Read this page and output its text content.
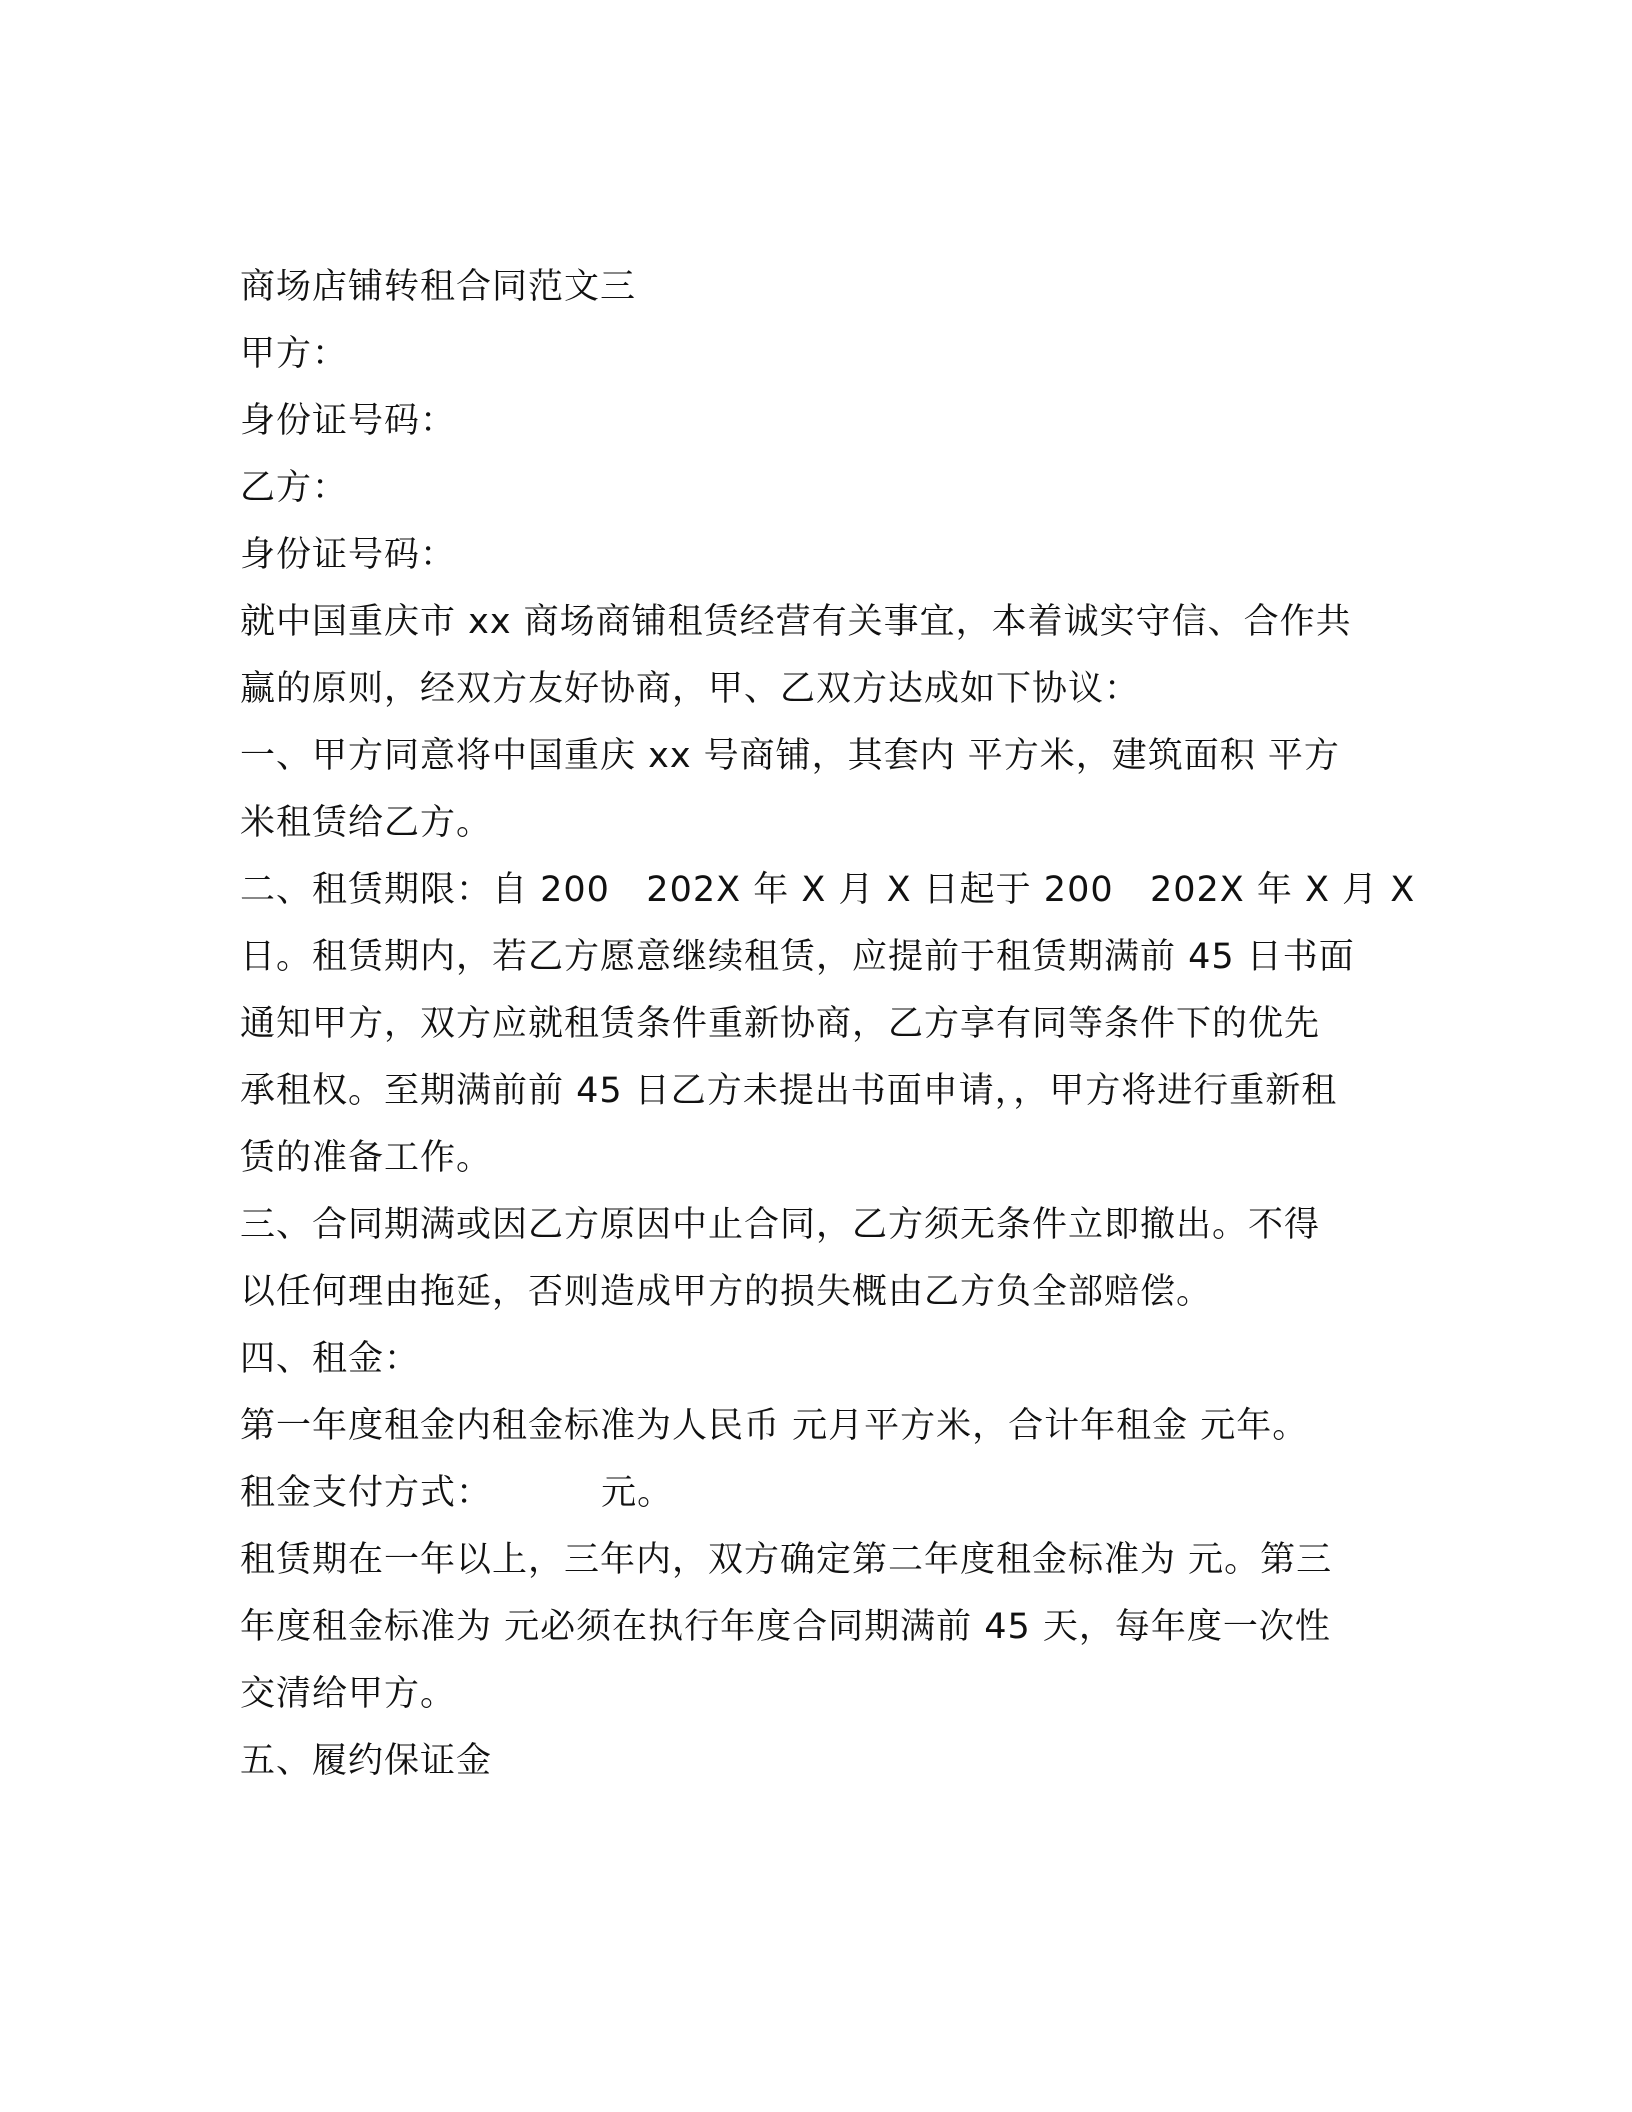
商场店铺转租合同范文三
甲方：
身份证号码：
乙方：
身份证号码：
就中国重庆市 xx 商场商铺租赁经营有关事宜，本着诚实守信、合作共
赢的原则，经双方友好协商，甲、乙双方达成如下协议：
一、甲方同意将中国重庆 xx 号商铺，其套内 平方米，建筑面积 平方
米租赁给乙方。
二、租赁期限：自 200   202X 年 X 月 X 日起于 200   202X 年 X 月 X
日。租赁期内，若乙方愿意继续租赁，应提前于租赁期满前 45 日书面
通知甲方，双方应就租赁条件重新协商，乙方享有同等条件下的优先
承租权。至期满前前 45 日乙方未提出书面申请，，甲方将进行重新租
赁的准备工作。
三、合同期满或因乙方原因中止合同，乙方须无条件立即撤出。不得
以任何理由拖延，否则造成甲方的损失概由乙方负全部赔偿。
四、租金：
第一年度租金内租金标准为人民币 元月平方米，合计年租金 元年。
租金支付方式：         元。
租赁期在一年以上，三年内，双方确定第二年度租金标准为 元。第三
年度租金标准为 元必须在执行年度合同期满前 45 天，每年度一次性
交清给甲方。
五、履约保证金
